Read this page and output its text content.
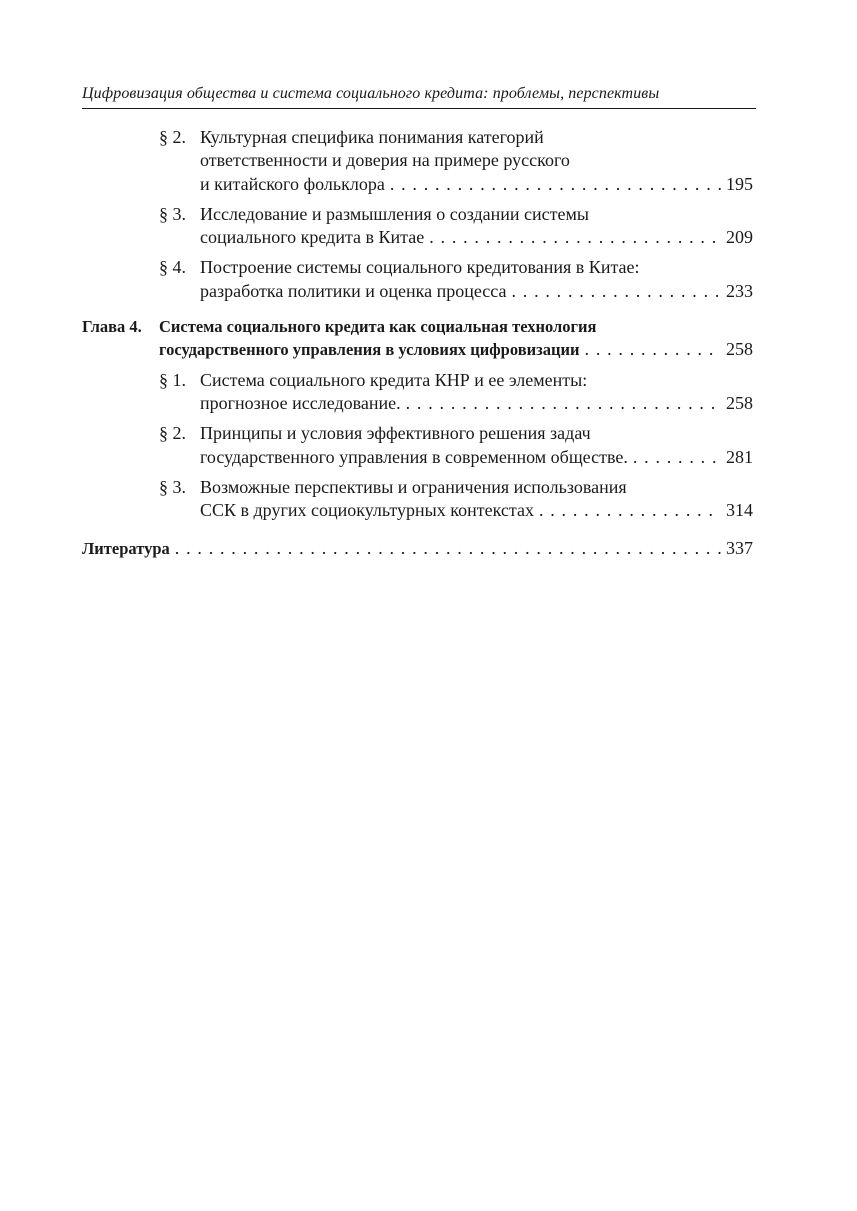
Цифровизация общества и система социального кредита: проблемы, перспективы
§ 2. Культурная специфика понимания категорий
ответственности и доверия на примере русского
и китайского фольклора . . .	195
§ 3. Исследование и размышления о создании системы
социального кредита в Китае . . .	209
§ 4. Построение системы социального кредитования в Китае:
разработка политики и оценка процесса . . .	233
Глава 4. Система социального кредита как социальная технология
государственного управления в условиях цифровизации . . .	258
§ 1. Система социального кредита КНР и ее элементы:
прогнозное исследование. . . .	258
§ 2. Принципы и условия эффективного решения задач
государственного управления в современном обществе. . . .	281
§ 3. Возможные перспективы и ограничения использования
ССК в других социокультурных контекстах . . .	314
Литература . . .	337
